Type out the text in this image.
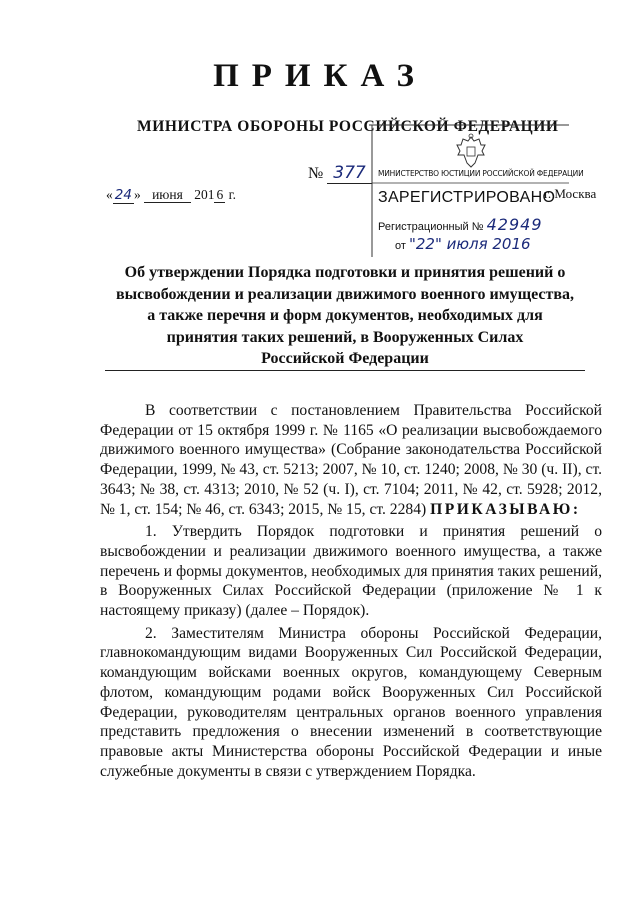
ПРИКАЗ
МИНИСТРА ОБОРОНЫ РОССИЙСКОЙ ФЕДЕРАЦИИ
№ 377
« 24 » июня 201 6 г.	г. Москва
МИНИСТЕРСТВО ЮСТИЦИИ РОССИЙСКОЙ ФЕДЕРАЦИИ
ЗАРЕГИСТРИРОВАНО
Регистрационный № 42949
от "22" июля 2016
Об утверждении Порядка подготовки и принятия решений о
высвобождении и реализации движимого военного имущества,
а также перечня и форм документов, необходимых для
принятия таких решений, в Вооруженных Силах
Российской Федерации

В соответствии с постановлением Правительства Российской Федерации от 15 октября 1999 г. № 1165 «О реализации высвобождаемого движимого военного имущества» (Собрание законодательства Российской Федерации, 1999, № 43, ст. 5213; 2007, № 10, ст. 1240; 2008, № 30 (ч. II), ст. 3643; № 38, ст. 4313; 2010, № 52 (ч. I), ст. 7104; 2011, № 42, ст. 5928; 2012, № 1, ст. 154; № 46, ст. 6343; 2015, № 15, ст. 2284) ПРИКАЗЫВАЮ:

1. Утвердить Порядок подготовки и принятия решений о высвобождении и реализации движимого военного имущества, а также перечень и формы документов, необходимых для принятия таких решений, в Вооруженных Силах Российской Федерации (приложение № 1 к настоящему приказу) (далее – Порядок).

2. Заместителям Министра обороны Российской Федерации, главнокомандующим видами Вооруженных Сил Российской Федерации, командующим войсками военных округов, командующему Северным флотом, командующим родами войск Вооруженных Сил Российской Федерации, руководителям центральных органов военного управления представить предложения о внесении изменений в соответствующие правовые акты Министерства обороны Российской Федерации и иные служебные документы в связи с утверждением Порядка.
